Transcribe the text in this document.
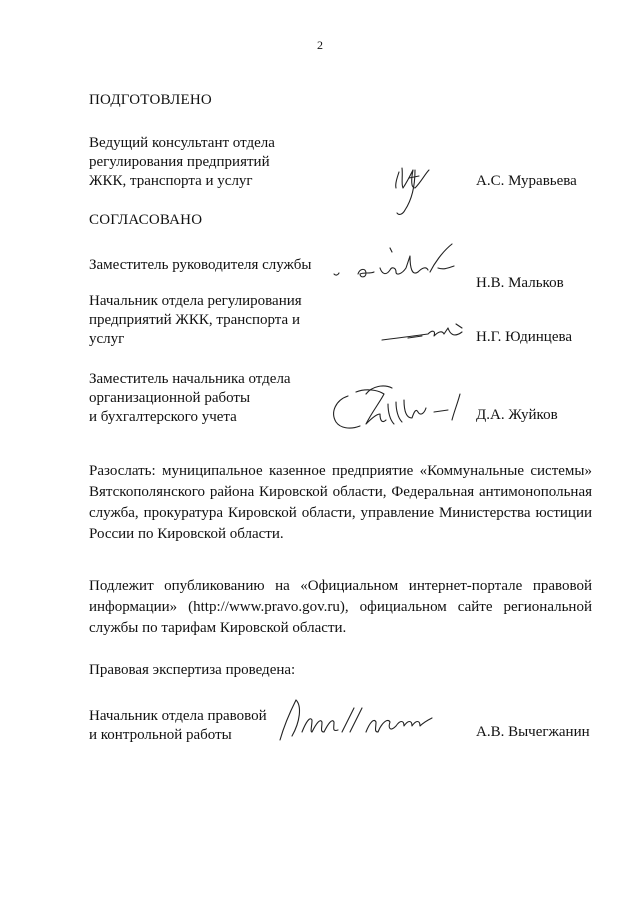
2
ПОДГОТОВЛЕНО
Ведущий консультант отдела
регулирования предприятий
ЖКК, транспорта и услуг	А.С. Муравьева
СОГЛАСОВАНО
Заместитель руководителя службы
Н.В. Мальков
Начальник отдела регулирования
предприятий ЖКК, транспорта и
услуг	Н.Г. Юдинцева
Заместитель начальника отдела
организационной работы
и бухгалтерского учета	Д.А. Жуйков
Разослать: муниципальное казенное предприятие «Коммунальные системы»
Вятскополянского района Кировской области, Федеральная антимонопольная
служба, прокуратура Кировской области, управление Министерства юстиции
России по Кировской области.
Подлежит опубликованию на «Официальном интернет-портале правовой
информации» (http://www.pravo.gov.ru), официальном сайте региональной
службы по тарифам Кировской области.
Правовая экспертиза проведена:
Начальник отдела правовой
и контрольной работы	А.В. Вычегжанин
